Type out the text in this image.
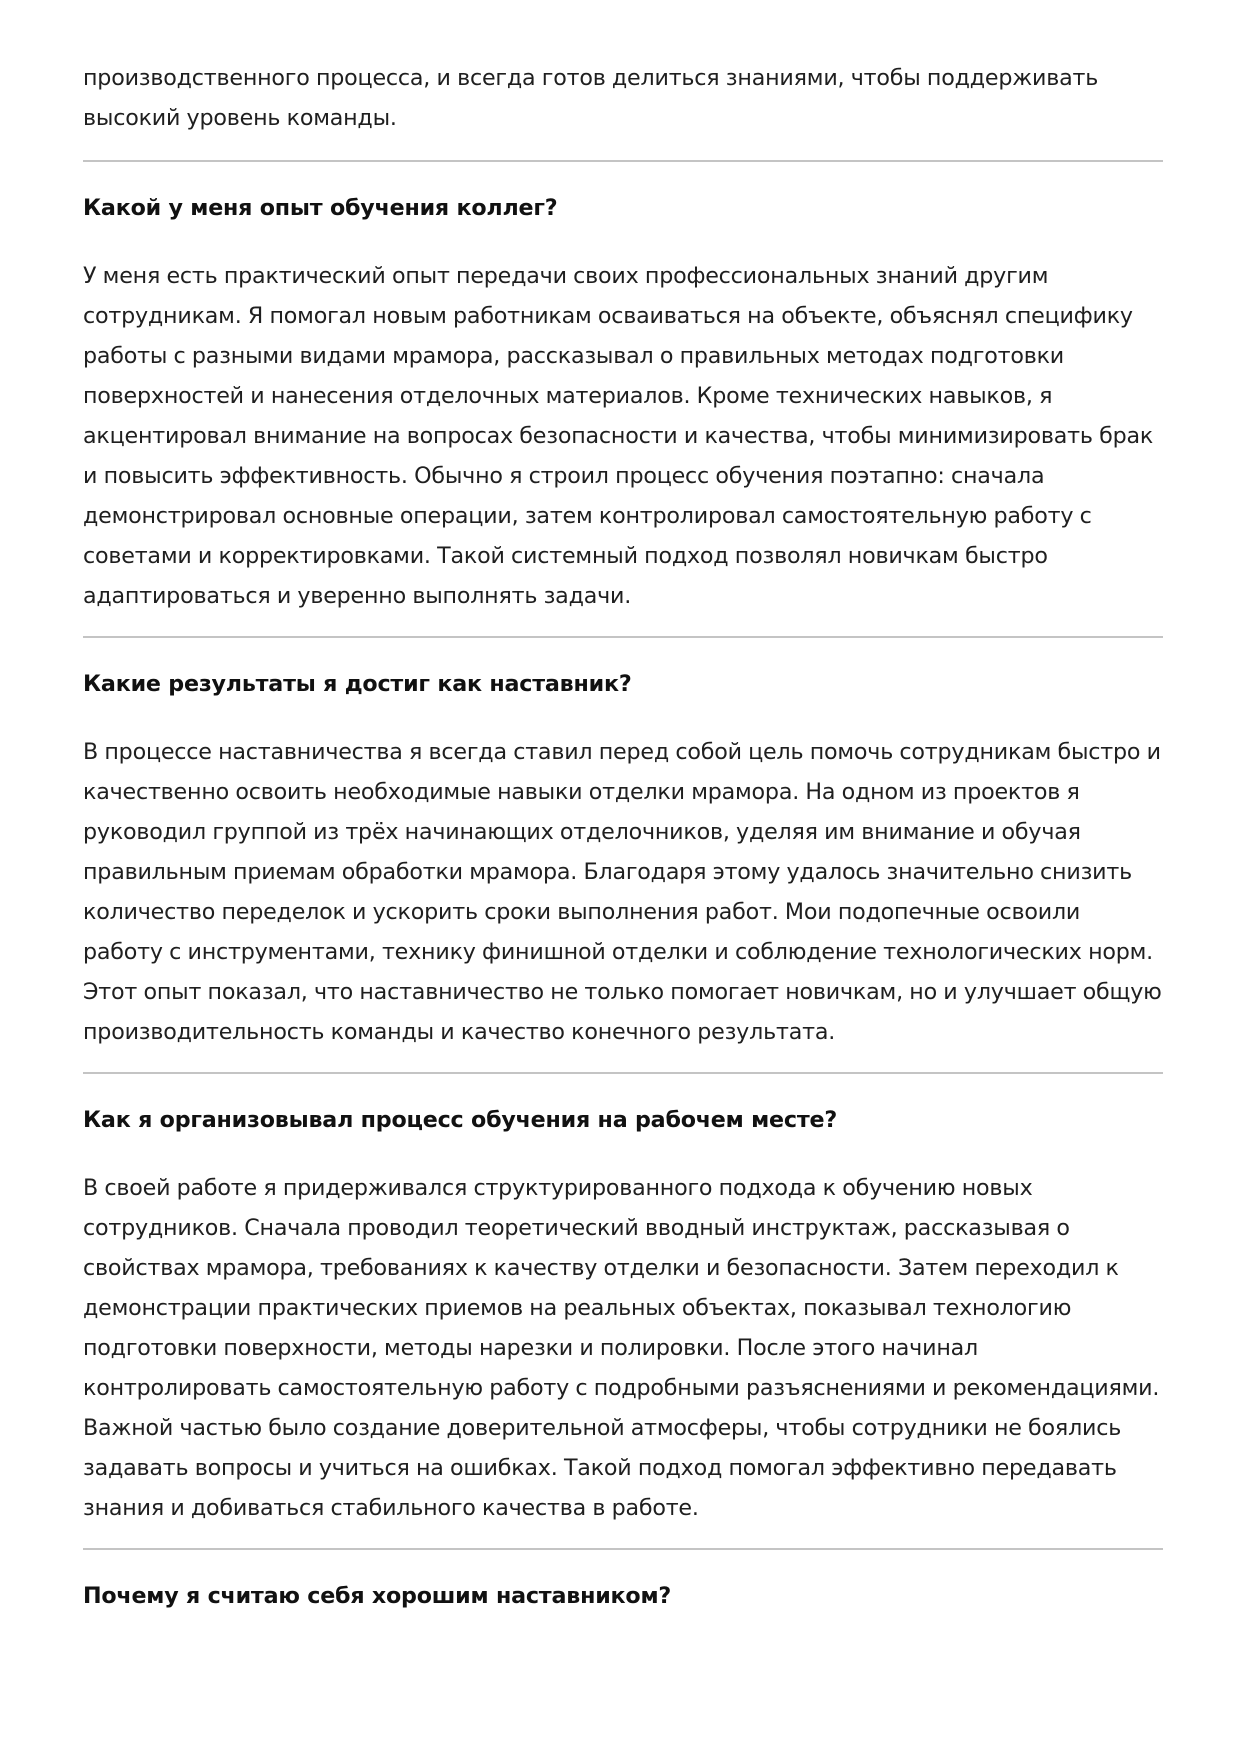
производственного процесса, и всегда готов делиться знаниями, чтобы поддерживать высокий уровень команды.

Какой у меня опыт обучения коллег?

У меня есть практический опыт передачи своих профессиональных знаний другим сотрудникам. Я помогал новым работникам осваиваться на объекте, объяснял специфику работы с разными видами мрамора, рассказывал о правильных методах подготовки поверхностей и нанесения отделочных материалов. Кроме технических навыков, я акцентировал внимание на вопросах безопасности и качества, чтобы минимизировать брак и повысить эффективность. Обычно я строил процесс обучения поэтапно: сначала демонстрировал основные операции, затем контролировал самостоятельную работу с советами и корректировками. Такой системный подход позволял новичкам быстро адаптироваться и уверенно выполнять задачи.

Какие результаты я достиг как наставник?

В процессе наставничества я всегда ставил перед собой цель помочь сотрудникам быстро и качественно освоить необходимые навыки отделки мрамора. На одном из проектов я руководил группой из трёх начинающих отделочников, уделяя им внимание и обучая правильным приемам обработки мрамора. Благодаря этому удалось значительно снизить количество переделок и ускорить сроки выполнения работ. Мои подопечные освоили работу с инструментами, технику финишной отделки и соблюдение технологических норм. Этот опыт показал, что наставничество не только помогает новичкам, но и улучшает общую производительность команды и качество конечного результата.

Как я организовывал процесс обучения на рабочем месте?

В своей работе я придерживался структурированного подхода к обучению новых сотрудников. Сначала проводил теоретический вводный инструктаж, рассказывая о свойствах мрамора, требованиях к качеству отделки и безопасности. Затем переходил к демонстрации практических приемов на реальных объектах, показывал технологию подготовки поверхности, методы нарезки и полировки. После этого начинал контролировать самостоятельную работу с подробными разъяснениями и рекомендациями. Важной частью было создание доверительной атмосферы, чтобы сотрудники не боялись задавать вопросы и учиться на ошибках. Такой подход помогал эффективно передавать знания и добиваться стабильного качества в работе.

Почему я считаю себя хорошим наставником?
